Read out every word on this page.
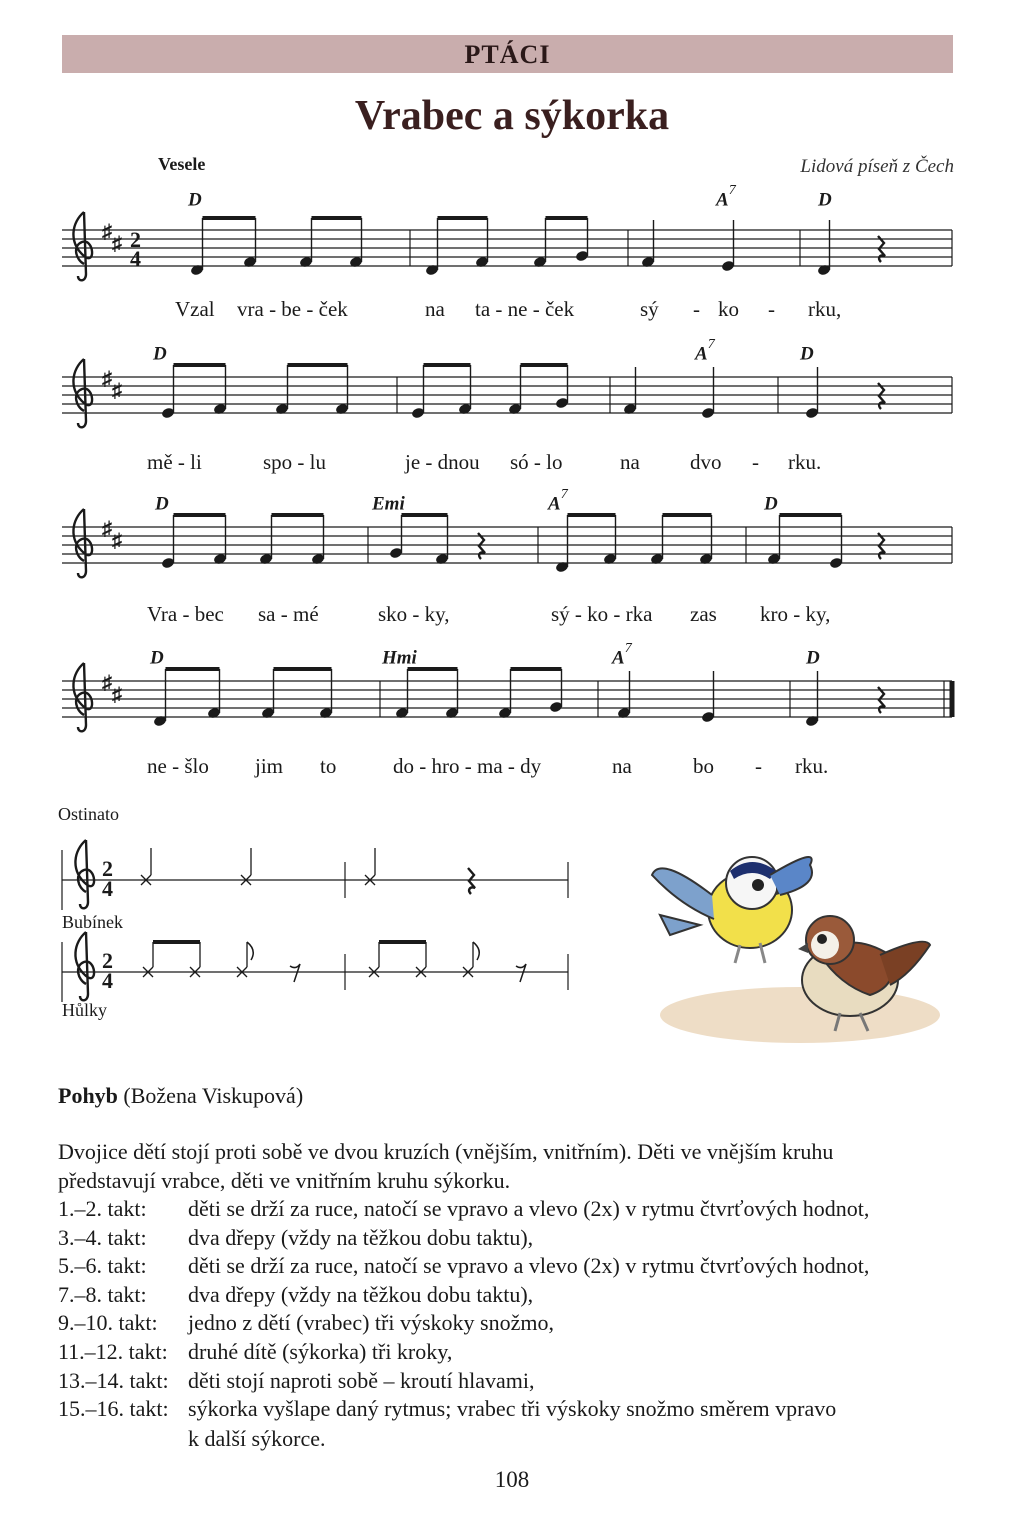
PTÁCI
Vrabec a sýkorka
Vesele	Lidová píseň z Čech
♯
♯ 2
4
♯
♯
♯
♯
♯
♯
2
4
2
4
D	$A^7$	D
D	$A^7$	D
D	Emi	$A^7$	D
D	Hmi	$A^7$	D
Vzal vra - be - ček	na ta - ne - ček	sý - ko - rku,
mě - li	spo - lu	je - dnou só - lo	na dvo - rku.
Vra - bec sa - mé	sko - ky,	sý - ko - rka zas kro - ky,
ne - šlo jim to	do - hro - ma - dy	na	bo - rku.
Ostinato
Bubínek
Hůlky
Pohyb (Božena Viskupová)
Dvojice dětí stojí proti sobě ve dvou kruzích (vnějším, vnitřním). Děti ve vnějším kruhu
představují vrabce, děti ve vnitřním kruhu sýkorku.
1.–2. takt: děti se drží za ruce, natočí se vpravo a vlevo (2x) v rytmu čtvrťových hodnot,
3.–4. takt: dva dřepy (vždy na těžkou dobu taktu),
5.–6. takt: děti se drží za ruce, natočí se vpravo a vlevo (2x) v rytmu čtvrťových hodnot,
7.–8. takt: dva dřepy (vždy na těžkou dobu taktu),
9.–10. takt: jedno z dětí (vrabec) tři výskoky snožmo,
11.–12. takt: druhé dítě (sýkorka) tři kroky,
13.–14. takt: děti stojí naproti sobě – kroutí hlavami,
15.–16. takt: sýkorka vyšlape daný rytmus; vrabec tři výskoky snožmo směrem vpravo
k další sýkorce.
108
